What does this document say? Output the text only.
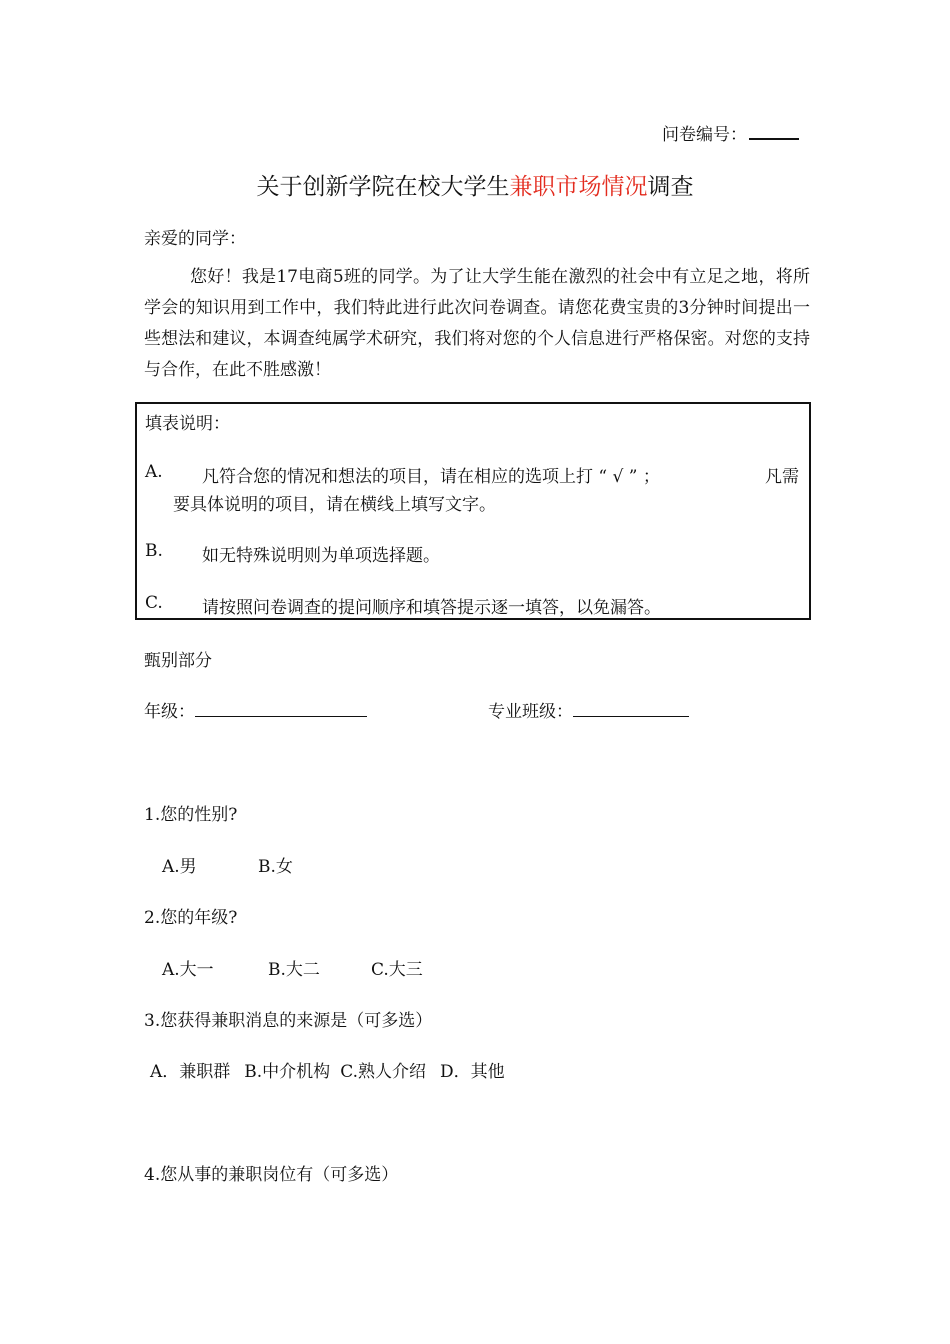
问卷编号：
关于创新学院在校大学生兼职市场情况调查
亲爱的同学：
您好！我是17电商5班的同学。为了让大学生能在激烈的社会中有立足之地，将所学会的知识用到工作中，我们特此进行此次问卷调查。请您花费宝贵的3分钟时间提出一些想法和建议，本调查纯属学术研究，我们将对您的个人信息进行严格保密。对您的支持与合作，在此不胜感激！
填表说明：
A. 凡符合您的情况和想法的项目，请在相应的选项上打 “ √ ” ；	凡需
要具体说明的项目，请在横线上填写文字。
B. 如无特殊说明则为单项选择题。
C. 请按照问卷调查的提问顺序和填答提示逐一填答，以免漏答。
甄别部分
年级：	专业班级：
1.您的性别?
A.男	B.女
2.您的年级?
A.大一	B.大二	C.大三
3.您获得兼职消息的来源是（可多选）
A．兼职群 B.中介机构 C.熟人介绍 D．其他
4.您从事的兼职岗位有（可多选）
